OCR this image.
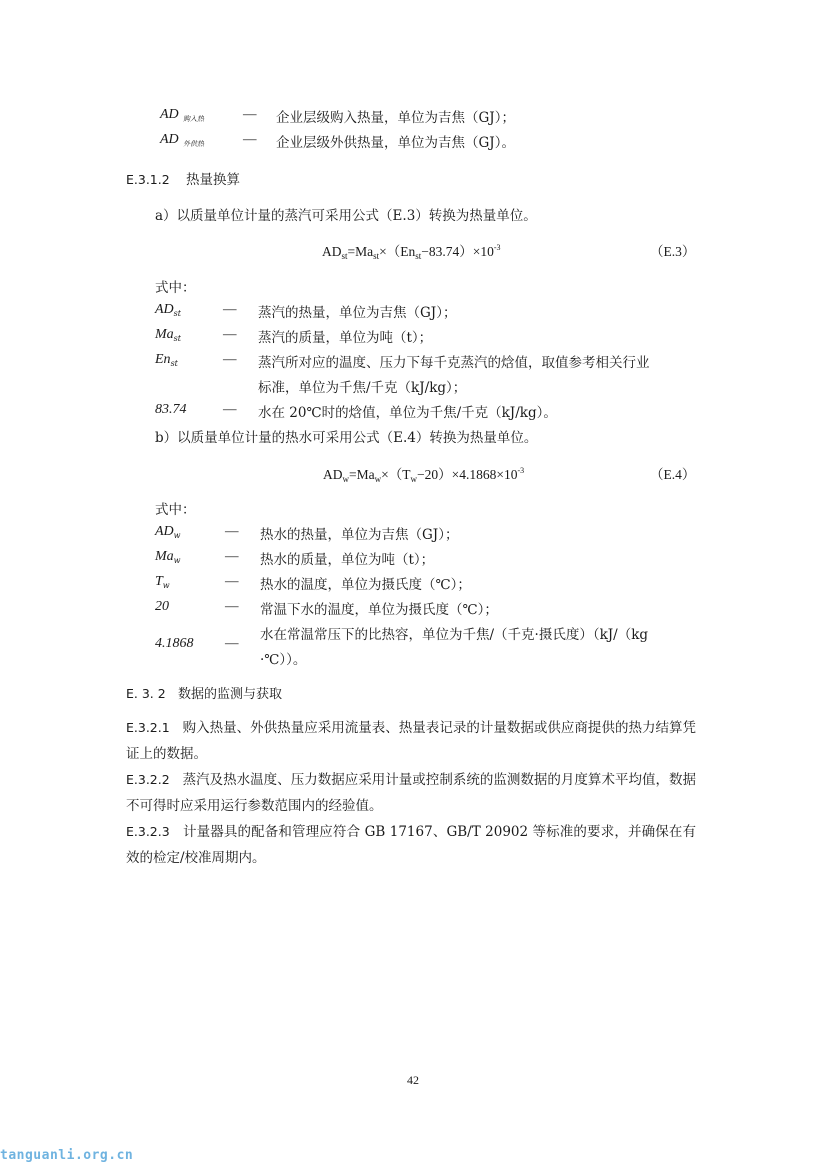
AD $_{购入热}$	— 企业层级购入热量，单位为吉焦（GJ）；
AD $_{外供热}$	— 企业层级外供热量，单位为吉焦（GJ）。
E.3.1.2 热量换算
a）以质量单位计量的蒸汽可采用公式（E.3）转换为热量单位。
$AD_{st}=Ma_{st}\times(En_{st}-83.74)\times 10^{-3}$	（E.3）
式中：
$AD_{st}$	— 蒸汽的热量，单位为吉焦（GJ）；
$Ma_{st}$	— 蒸汽的质量，单位为吨（t）；
$En_{st}$	— 蒸汽所对应的温度、压力下每千克蒸汽的焓值，取值参考相关行业
标准，单位为千焦/千克（kJ/kg）；
83.74	— 水在 20℃时的焓值，单位为千焦/千克（kJ/kg）。
b）以质量单位计量的热水可采用公式（E.4）转换为热量单位。
$AD_w=Ma_w\times(T_w-20)\times 4.1868\times 10^{-3}$	（E.4）
式中：
$AD_w$	— 热水的热量，单位为吉焦（GJ）；
$Ma_w$	— 热水的质量，单位为吨（t）；
$T_w$	— 热水的温度，单位为摄氏度（℃）；
20	— 常温下水的温度，单位为摄氏度（℃）；
4.1868 — 水在常温常压下的比热容，单位为千焦/（千克·摄氏度）（kJ/（kg
·℃））。
E. 3. 2 数据的监测与获取
E.3.2.1 购入热量、外供热量应采用流量表、热量表记录的计量数据或供应商提供的热力结算凭证上的数据。
E.3.2.2 蒸汽及热水温度、压力数据应采用计量或控制系统的监测数据的月度算术平均值，数据不可得时应采用运行参数范围内的经验值。
E.3.2.3 计量器具的配备和管理应符合 GB 17167、GB/T 20902 等标准的要求，并确保在有效的检定/校准周期内。
42
tanguanli.org.cn
